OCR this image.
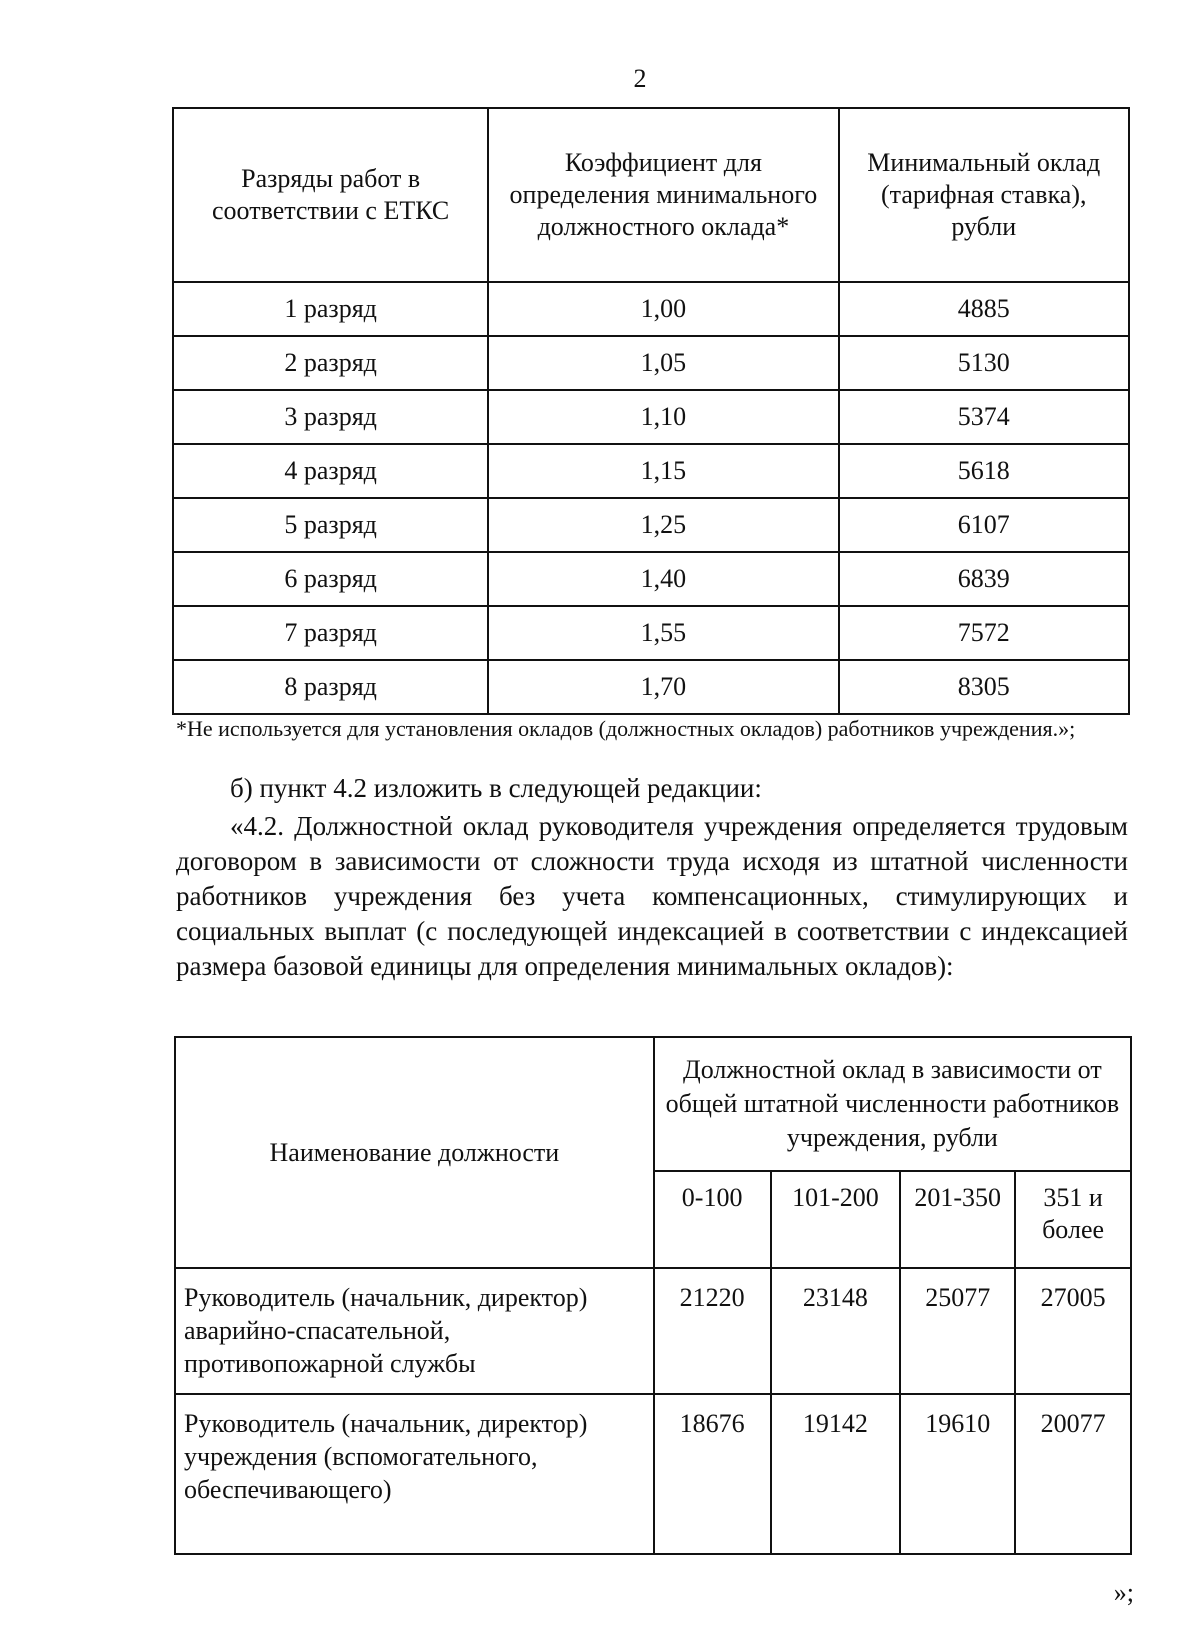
2
Разряды работ в соответствии с ЕТКС	Коэффициент для определения минимального должностного оклада*	Минимальный оклад (тарифная ставка), рубли
1 разряд	1,00	4885
2 разряд	1,05	5130
3 разряд	1,10	5374
4 разряд	1,15	5618
5 разряд	1,25	6107
6 разряд	1,40	6839
7 разряд	1,55	7572
8 разряд	1,70	8305
*Не используется для установления окладов (должностных окладов) работников учреждения.»;
б) пункт 4.2 изложить в следующей редакции:
«4.2. Должностной оклад руководителя учреждения определяется трудовым договором в зависимости от сложности труда исходя из штатной численности работников учреждения без учета компенсационных, стимулирующих и социальных выплат (с последующей индексацией в соответствии с индексацией размера базовой единицы для определения минимальных окладов):
Наименование должности	Должностной оклад в зависимости от общей штатной численности работников учреждения, рубли			
	0-100	101-200	201-350	351 и более
Руководитель (начальник, директор) аварийно-спасательной, противопожарной службы	21220	23148	25077	27005
Руководитель (начальник, директор) учреждения (вспомогательного, обеспечивающего)	18676	19142	19610	20077
»;
